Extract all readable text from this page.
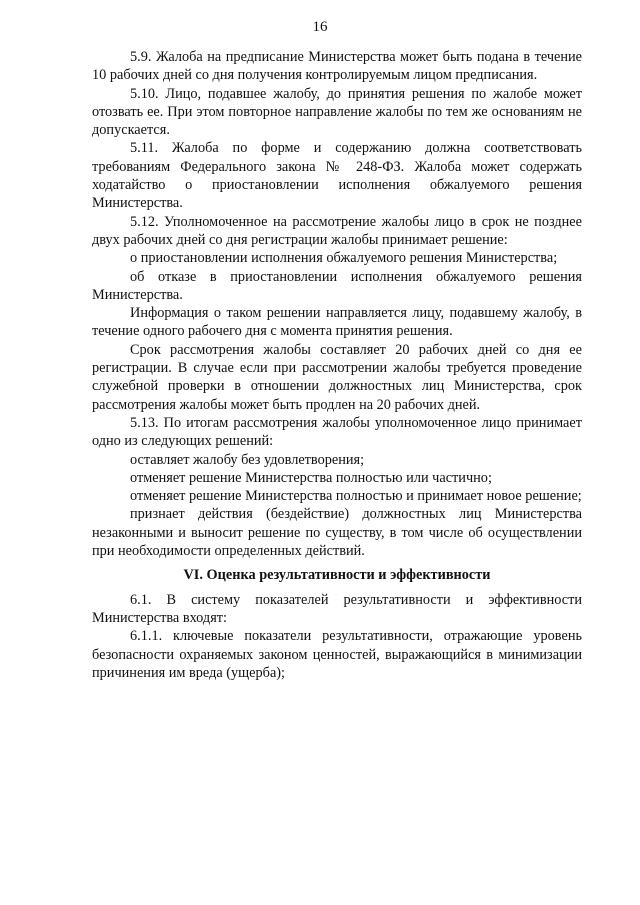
16

5.9. Жалоба на предписание Министерства может быть подана в течение 10 рабочих дней со дня получения контролируемым лицом предписания.

5.10. Лицо, подавшее жалобу, до принятия решения по жалобе может отозвать ее. При этом повторное направление жалобы по тем же основаниям не допускается.

5.11. Жалоба по форме и содержанию должна соответствовать требованиям Федерального закона № 248-ФЗ. Жалоба может содержать ходатайство о приостановлении исполнения обжалуемого решения Министерства.

5.12. Уполномоченное на рассмотрение жалобы лицо в срок не позднее двух рабочих дней со дня регистрации жалобы принимает решение:

о приостановлении исполнения обжалуемого решения Министерства;

об отказе в приостановлении исполнения обжалуемого решения Министерства.

Информация о таком решении направляется лицу, подавшему жалобу, в течение одного рабочего дня с момента принятия решения.

Срок рассмотрения жалобы составляет 20 рабочих дней со дня ее регистрации. В случае если при рассмотрении жалобы требуется проведение служебной проверки в отношении должностных лиц Министерства, срок рассмотрения жалобы может быть продлен на 20 рабочих дней.

5.13. По итогам рассмотрения жалобы уполномоченное лицо принимает одно из следующих решений:

оставляет жалобу без удовлетворения;

отменяет решение Министерства полностью или частично;

отменяет решение Министерства полностью и принимает новое решение;

признает действия (бездействие) должностных лиц Министерства незаконными и выносит решение по существу, в том числе об осуществлении при необходимости определенных действий.

VI. Оценка результативности и эффективности

6.1. В систему показателей результативности и эффективности Министерства входят:

6.1.1. ключевые показатели результативности, отражающие уровень безопасности охраняемых законом ценностей, выражающийся в минимизации причинения им вреда (ущерба);
